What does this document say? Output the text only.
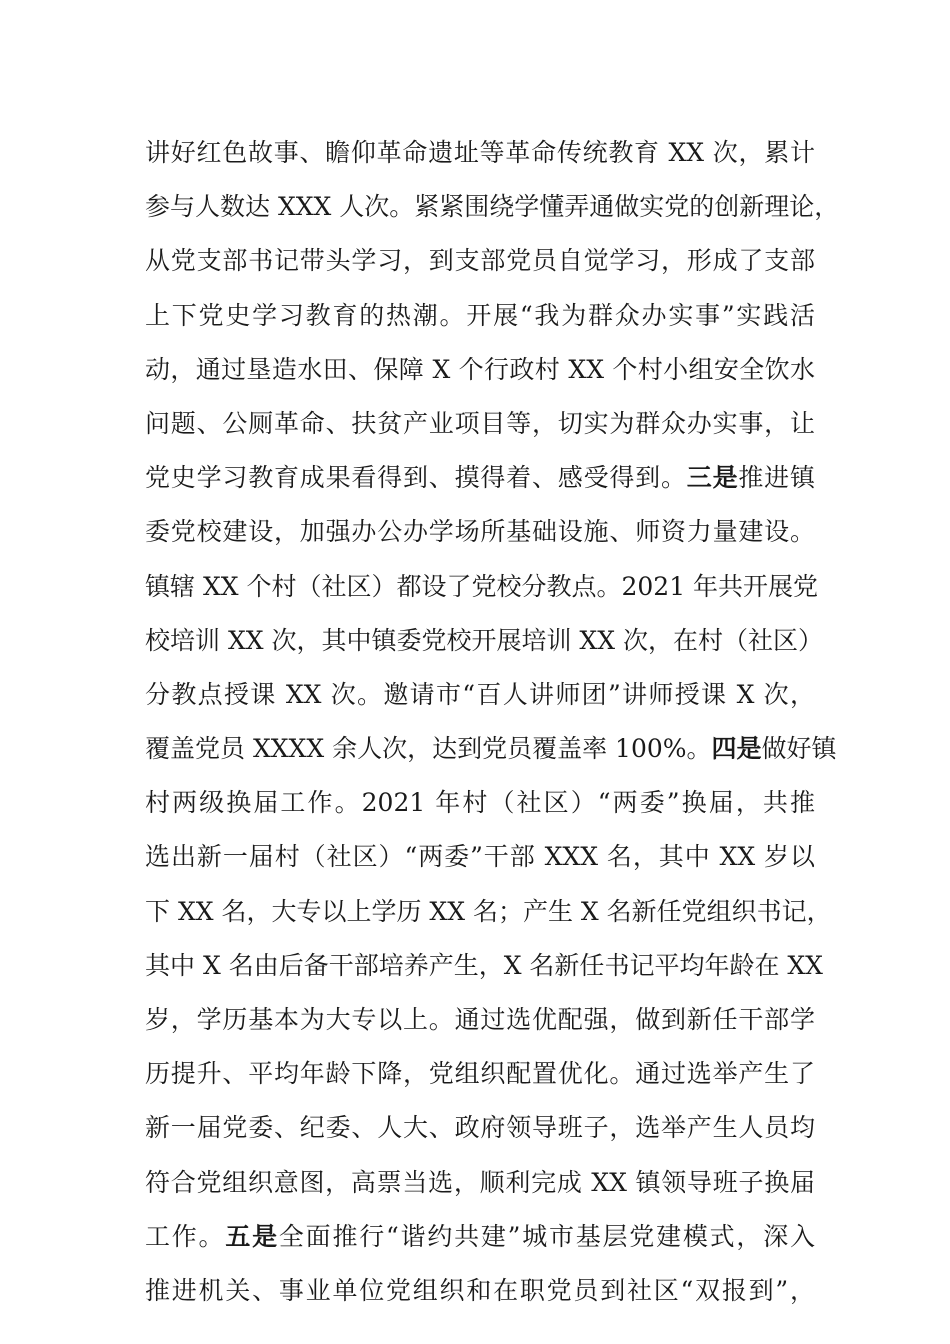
讲好红色故事、瞻仰革命遗址等革命传统教育 XX 次，累计
参与人数达 XXX 人次。紧紧围绕学懂弄通做实党的创新理论，
从党支部书记带头学习，到支部党员自觉学习，形成了支部
上下党史学习教育的热潮。开展“我为群众办实事”实践活
动，通过垦造水田、保障 X 个行政村 XX 个村小组安全饮水
问题、公厕革命、扶贫产业项目等，切实为群众办实事，让
党史学习教育成果看得到、摸得着、感受得到。三是推进镇
委党校建设，加强办公办学场所基础设施、师资力量建设。
镇辖 XX 个村（社区）都设了党校分教点。2021 年共开展党
校培训 XX 次，其中镇委党校开展培训 XX 次，在村（社区）
分教点授课 XX 次。邀请市“百人讲师团”讲师授课 X 次，
覆盖党员 XXXX 余人次，达到党员覆盖率 100%。四是做好镇
村两级换届工作。2021 年村（社区）“两委”换届，共推
选出新一届村（社区）“两委”干部 XXX 名，其中 XX 岁以
下 XX 名，大专以上学历 XX 名；产生 X 名新任党组织书记，
其中 X 名由后备干部培养产生，X 名新任书记平均年龄在 XX
岁，学历基本为大专以上。通过选优配强，做到新任干部学
历提升、平均年龄下降，党组织配置优化。通过选举产生了
新一届党委、纪委、人大、政府领导班子，选举产生人员均
符合党组织意图，高票当选，顺利完成 XX 镇领导班子换届
工作。五是全面推行“谐约共建”城市基层党建模式，深入
推进机关、事业单位党组织和在职党员到社区“双报到”，
